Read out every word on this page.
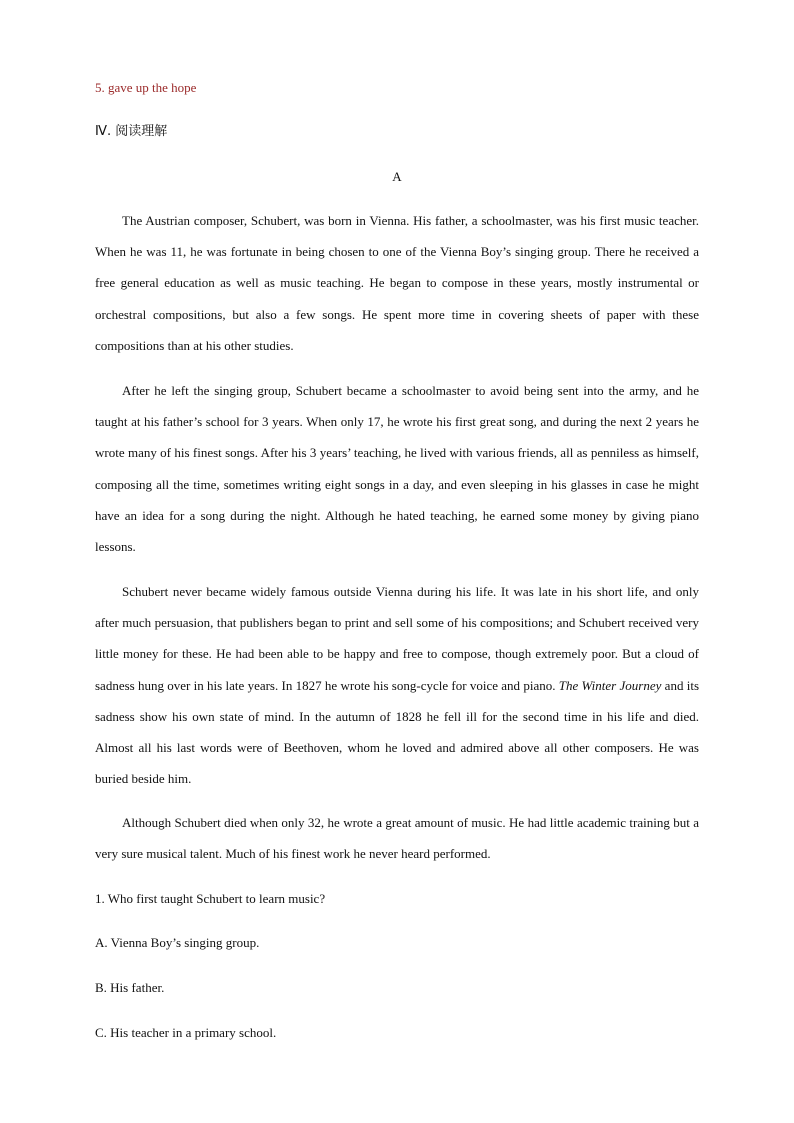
5. gave up the hope
Ⅳ. 阅读理解
A

The Austrian composer, Schubert, was born in Vienna. His father, a schoolmaster, was his first music teacher. When he was 11, he was fortunate in being chosen to one of the Vienna Boy’s singing group. There he received a free general education as well as music teaching. He began to compose in these years, mostly instrumental or orchestral compositions, but also a few songs. He spent more time in covering sheets of paper with these compositions than at his other studies.

After he left the singing group, Schubert became a schoolmaster to avoid being sent into the army, and he taught at his father’s school for 3 years. When only 17, he wrote his first great song, and during the next 2 years he wrote many of his finest songs. After his 3 years’ teaching, he lived with various friends, all as penniless as himself, composing all the time, sometimes writing eight songs in a day, and even sleeping in his glasses in case he might have an idea for a song during the night. Although he hated teaching, he earned some money by giving piano lessons.

Schubert never became widely famous outside Vienna during his life. It was late in his short life, and only after much persuasion, that publishers began to print and sell some of his compositions; and Schubert received very little money for these. He had been able to be happy and free to compose, though extremely poor. But a cloud of sadness hung over in his late years. In 1827 he wrote his song-cycle for voice and piano. The Winter Journey and its sadness show his own state of mind. In the autumn of 1828 he fell ill for the second time in his life and died. Almost all his last words were of Beethoven, whom he loved and admired above all other composers. He was buried beside him.

Although Schubert died when only 32, he wrote a great amount of music. He had little academic training but a very sure musical talent. Much of his finest work he never heard performed.

1. Who first taught Schubert to learn music?
A. Vienna Boy’s singing group.
B. His father.
C. His teacher in a primary school.
